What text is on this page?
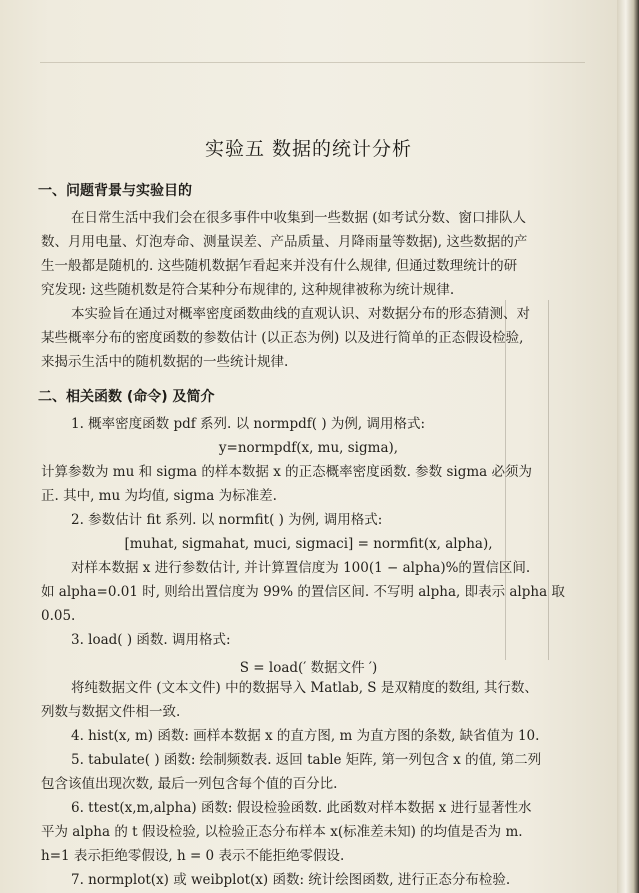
实验五 数据的统计分析
一、问题背景与实验目的
在日常生活中我们会在很多事件中收集到一些数据 (如考试分数、窗口排队人
数、月用电量、灯泡寿命、测量误差、产品质量、月降雨量等数据), 这些数据的产
生一般都是随机的. 这些随机数据乍看起来并没有什么规律, 但通过数理统计的研
究发现: 这些随机数是符合某种分布规律的, 这种规律被称为统计规律.
本实验旨在通过对概率密度函数曲线的直观认识、对数据分布的形态猜测、对
某些概率分布的密度函数的参数估计 (以正态为例) 以及进行简单的正态假设检验,
来揭示生活中的随机数据的一些统计规律.
二、相关函数 (命令) 及简介
1. 概率密度函数 pdf 系列. 以 normpdf( ) 为例, 调用格式:
y=normpdf(x, mu, sigma),
计算参数为 mu 和 sigma 的样本数据 x 的正态概率密度函数. 参数 sigma 必须为
正. 其中, mu 为均值, sigma 为标准差.
2. 参数估计 fit 系列. 以 normfit( ) 为例, 调用格式:
[muhat, sigmahat, muci, sigmaci] = normfit(x, alpha),
对样本数据 x 进行参数估计, 并计算置信度为 100(1 − alpha)%的置信区间.
如 alpha=0.01 时, 则给出置信度为 99% 的置信区间. 不写明 alpha, 即表示 alpha 取
0.05.
3. load( ) 函数. 调用格式:
S = load(′ 数据文件 ′)
将纯数据文件 (文本文件) 中的数据导入 Matlab, S 是双精度的数组, 其行数、
列数与数据文件相一致.
4. hist(x, m) 函数: 画样本数据 x 的直方图, m 为直方图的条数, 缺省值为 10.
5. tabulate( ) 函数: 绘制频数表. 返回 table 矩阵, 第一列包含 x 的值, 第二列
包含该值出现次数, 最后一列包含每个值的百分比.
6. ttest(x,m,alpha) 函数: 假设检验函数. 此函数对样本数据 x 进行显著性水
平为 alpha 的 t 假设检验, 以检验正态分布样本 x(标准差未知) 的均值是否为 m.
h=1 表示拒绝零假设, h = 0 表示不能拒绝零假设.
7. normplot(x) 或 weibplot(x) 函数: 统计绘图函数, 进行正态分布检验.
